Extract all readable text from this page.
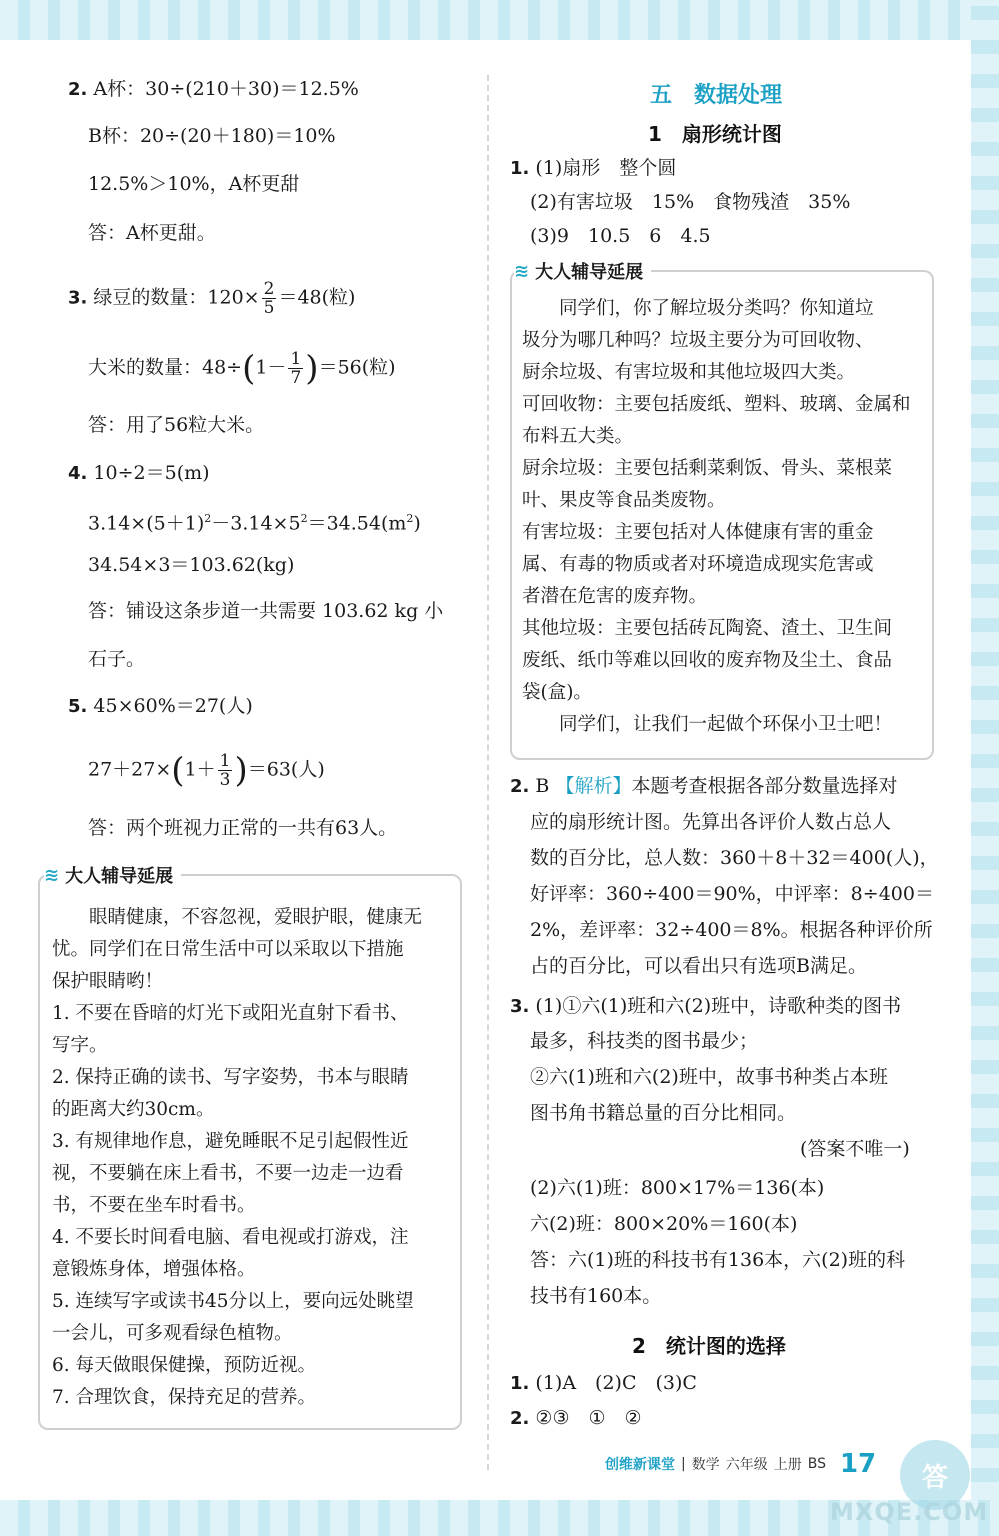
2. A杯：30÷(210＋30)＝12.5%
B杯：20÷(20＋180)＝10%
12.5%＞10%，A杯更甜
答：A杯更甜。
3. 绿豆的数量：$120\times \frac{2}{5} =48$(粒)
大米的数量：$48\div(1- \frac{1}{7} )=56$(粒)
答：用了56粒大米。
4. 10÷2＝5(m)
$3.14\times(5+1)^2-3.14\times 5^2=34.54(m^2)$
34.54×3＝103.62(kg)
答：铺设这条步道一共需要 103.62 kg 小
石子。
5. 45×60%＝27(人)
$27+27\times(1+ \frac{1}{3} )=63$(人)
答：两个班视力正常的一共有63人。
≋ 大人辅导延展
　　眼睛健康，不容忽视，爱眼护眼，健康无
忧。同学们在日常生活中可以采取以下措施
保护眼睛哟！
1. 不要在昏暗的灯光下或阳光直射下看书、
写字。
2. 保持正确的读书、写字姿势，书本与眼睛
的距离大约30cm。
3. 有规律地作息，避免睡眠不足引起假性近
视，不要躺在床上看书，不要一边走一边看
书，不要在坐车时看书。
4. 不要长时间看电脑、看电视或打游戏，注
意锻炼身体，增强体格。
5. 连续写字或读书45分以上，要向远处眺望
一会儿，可多观看绿色植物。
6. 每天做眼保健操，预防近视。
7. 合理饮食，保持充足的营养。
五　数据处理
1　扇形统计图
1. (1)扇形　整个圆
(2)有害垃圾　15%　食物残渣　35%
(3)9　10.5　6　4.5
≋ 大人辅导延展
　　同学们，你了解垃圾分类吗？你知道垃
圾分为哪几种吗？垃圾主要分为可回收物、
厨余垃圾、有害垃圾和其他垃圾四大类。
可回收物：主要包括废纸、塑料、玻璃、金属和
布料五大类。
厨余垃圾：主要包括剩菜剩饭、骨头、菜根菜
叶、果皮等食品类废物。
有害垃圾：主要包括对人体健康有害的重金
属、有毒的物质或者对环境造成现实危害或
者潜在危害的废弃物。
其他垃圾：主要包括砖瓦陶瓷、渣土、卫生间
废纸、纸巾等难以回收的废弃物及尘土、食品
袋(盒)。
　　同学们，让我们一起做个环保小卫士吧！
2. B 【解析】本题考查根据各部分数量选择对
应的扇形统计图。先算出各评价人数占总人
数的百分比，总人数：360＋8＋32＝400(人)，
好评率：360÷400＝90%，中评率：8÷400＝
2%，差评率：32÷400＝8%。根据各种评价所
占的百分比，可以看出只有选项B满足。
3. (1)①六(1)班和六(2)班中，诗歌种类的图书
最多，科技类的图书最少；
②六(1)班和六(2)班中，故事书种类占本班
图书角书籍总量的百分比相同。
(答案不唯一)
(2)六(1)班：800×17%＝136(本)
六(2)班：800×20%＝160(本)
答：六(1)班的科技书有136本，六(2)班的科
技书有160本。
2　统计图的选择
1. (1)A　(2)C　(3)C
2. ②③　①　②
创维新课堂 | 数学 六年级 上册 BS 17	答
MXQE.COM
